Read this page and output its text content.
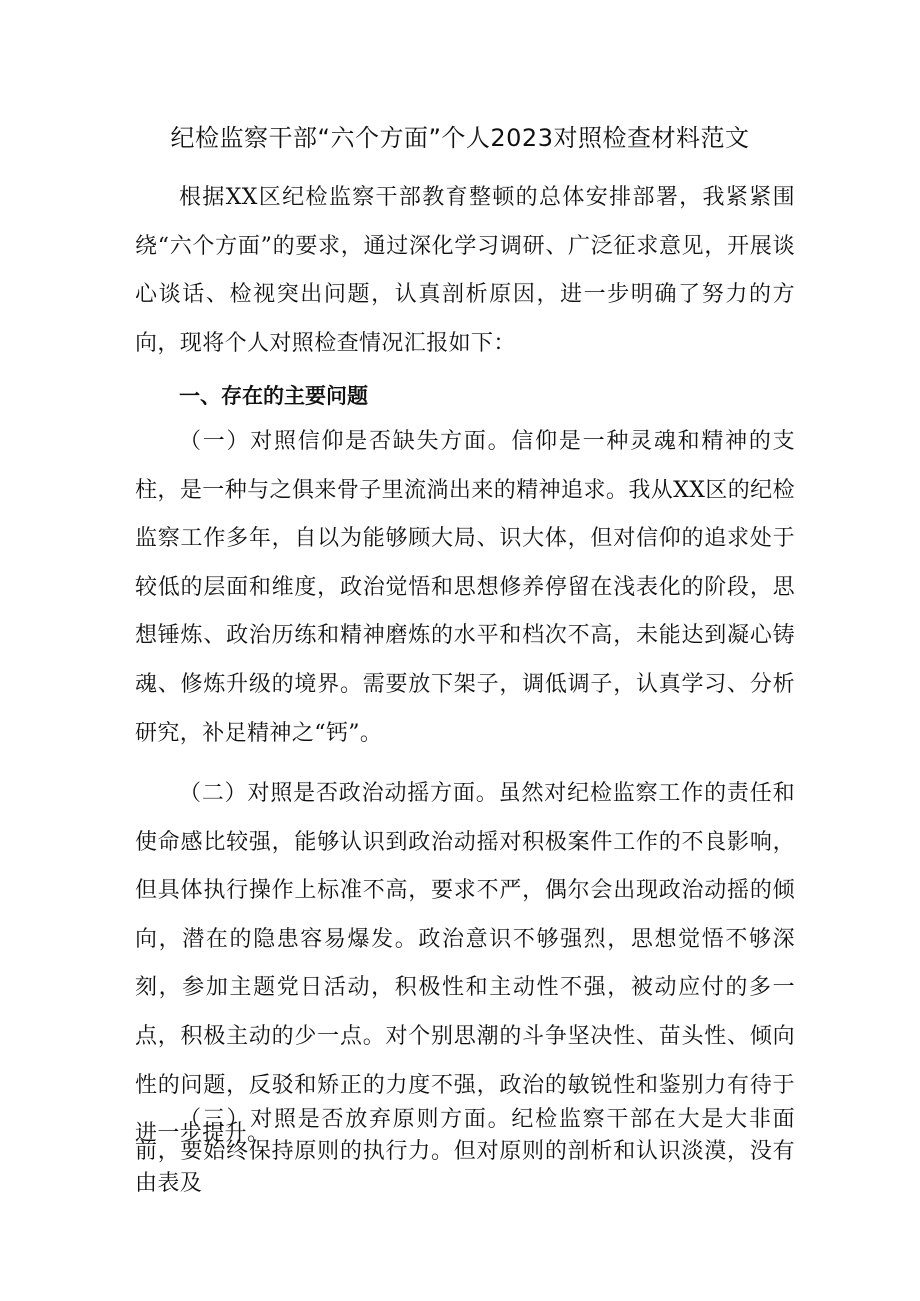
纪检监察干部“六个方面”个人2023对照检查材料范文

根据XX区纪检监察干部教育整顿的总体安排部署，我紧紧围绕“六个方面”的要求，通过深化学习调研、广泛征求意见，开展谈心谈话、检视突出问题，认真剖析原因，进一步明确了努力的方向，现将个人对照检查情况汇报如下：

一、存在的主要问题

（一）对照信仰是否缺失方面。信仰是一种灵魂和精神的支柱，是一种与之俱来骨子里流淌出来的精神追求。我从XX区的纪检监察工作多年，自以为能够顾大局、识大体，但对信仰的追求处于较低的层面和维度，政治觉悟和思想修养停留在浅表化的阶段，思想锤炼、政治历练和精神磨炼的水平和档次不高，未能达到凝心铸魂、修炼升级的境界。需要放下架子，调低调子，认真学习、分析研究，补足精神之“钙”。

（二）对照是否政治动摇方面。虽然对纪检监察工作的责任和使命感比较强，能够认识到政治动摇对积极案件工作的不良影响，但具体执行操作上标准不高，要求不严，偶尔会出现政治动摇的倾向，潜在的隐患容易爆发。政治意识不够强烈，思想觉悟不够深刻，参加主题党日活动，积极性和主动性不强，被动应付的多一点，积极主动的少一点。对个别思潮的斗争坚决性、苗头性、倾向性的问题，反驳和矫正的力度不强，政治的敏锐性和鉴别力有待于进一步提升。

（三）对照是否放弃原则方面。纪检监察干部在大是大非面前，要始终保持原则的执行力。但对原则的剖析和认识淡漠，没有由表及
